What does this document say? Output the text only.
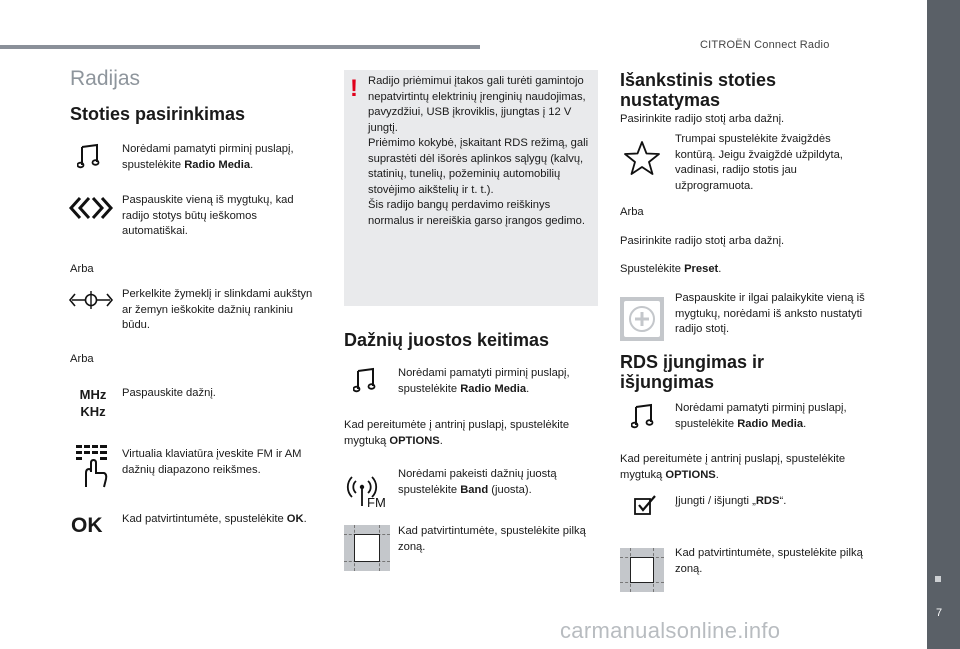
CITROËN Connect Radio
7
carmanualsonline.info
Radijas
Stoties pasirinkimas
Norėdami pamatyti pirminį puslapį, spustelėkite Radio Media.
Paspauskite vieną iš mygtukų, kad radijo stotys būtų ieškomos automatiškai.
Arba
Perkelkite žymeklį ir slinkdami aukštyn ar žemyn ieškokite dažnių rankiniu būdu.
Arba
MHz
KHz
Paspauskite dažnį.
Virtualia klaviatūra įveskite FM ir AM dažnių diapazono reikšmes.
OK Kad patvirtintumėte, spustelėkite OK.
! Radijo priėmimui įtakos gali turėti gamintojo nepatvirtintų elektrinių įrenginių naudojimas, pavyzdžiui, USB įkroviklis, įjungtas į 12 V jungtį.
Priėmimo kokybė, įskaitant RDS režimą, gali suprastėti dėl išorės aplinkos sąlygų (kalvų, statinių, tunelių, požeminių automobilių stovėjimo aikštelių ir t. t.).
Šis radijo bangų perdavimo reiškinys normalus ir nereiškia garso įrangos gedimo.
Dažnių juostos keitimas
Norėdami pamatyti pirminį puslapį, spustelėkite Radio Media.
Kad pereitumėte į antrinį puslapį, spustelėkite mygtuką OPTIONS.
FM
Norėdami pakeisti dažnių juostą spustelėkite Band (juosta).
Kad patvirtintumėte, spustelėkite pilką zoną.
Išankstinis stoties nustatymas
Pasirinkite radijo stotį arba dažnį.
Trumpai spustelėkite žvaigždės kontūrą. Jeigu žvaigždė užpildyta, vadinasi, radijo stotis jau užprogramuota.
Arba
Pasirinkite radijo stotį arba dažnį.
Spustelėkite Preset.
Paspauskite ir ilgai palaikykite vieną iš mygtukų, norėdami iš anksto nustatyti radijo stotį.
RDS įjungimas ir išjungimas
Norėdami pamatyti pirminį puslapį, spustelėkite Radio Media.
Kad pereitumėte į antrinį puslapį, spustelėkite mygtuką OPTIONS.
Įjungti / išjungti „RDS“.
Kad patvirtintumėte, spustelėkite pilką zoną.
